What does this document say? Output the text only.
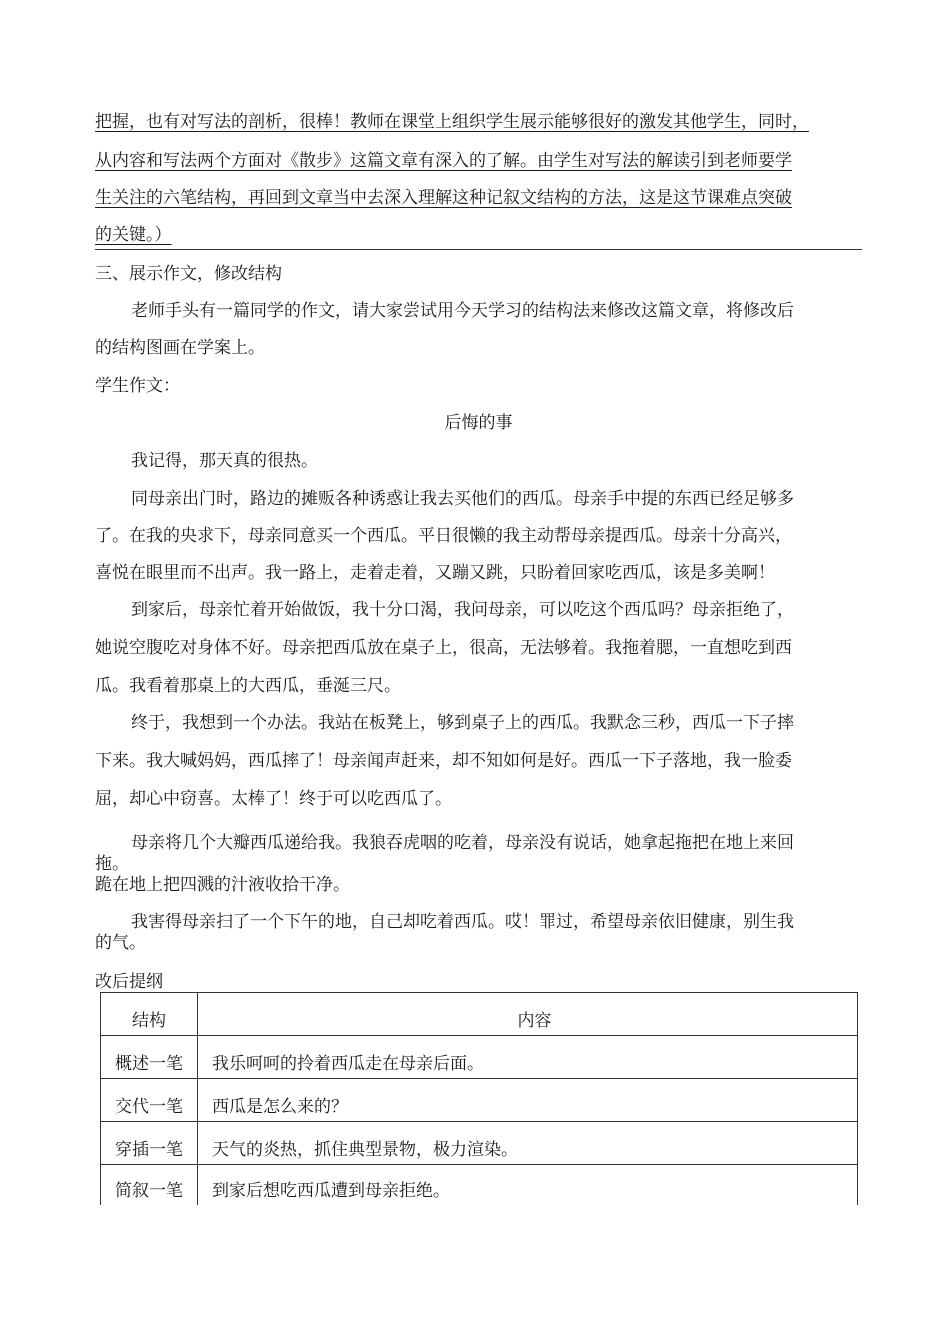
把握，也有对写法的剖析，很棒！教师在课堂上组织学生展示能够很好的激发其他学生，同时，
从内容和写法两个方面对《散步》这篇文章有深入的了解。由学生对写法的解读引到老师要学
生关注的六笔结构，再回到文章当中去深入理解这种记叙文结构的方法，这是这节课难点突破
的关键。）
三、展示作文，修改结构
老师手头有一篇同学的作文，请大家尝试用今天学习的结构法来修改这篇文章，将修改后
的结构图画在学案上。
学生作文：
后悔的事
我记得，那天真的很热。
同母亲出门时，路边的摊贩各种诱惑让我去买他们的西瓜。母亲手中提的东西已经足够多
了。在我的央求下，母亲同意买一个西瓜。平日很懒的我主动帮母亲提西瓜。母亲十分高兴，
喜悦在眼里而不出声。我一路上，走着走着，又蹦又跳，只盼着回家吃西瓜，该是多美啊！
到家后，母亲忙着开始做饭，我十分口渴，我问母亲，可以吃这个西瓜吗？母亲拒绝了，
她说空腹吃对身体不好。母亲把西瓜放在桌子上，很高，无法够着。我拖着腮，一直想吃到西
瓜。我看着那桌上的大西瓜，垂涎三尺。
终于，我想到一个办法。我站在板凳上，够到桌子上的西瓜。我默念三秒，西瓜一下子摔
下来。我大喊妈妈，西瓜摔了！母亲闻声赶来，却不知如何是好。西瓜一下子落地，我一脸委
屈，却心中窃喜。太棒了！终于可以吃西瓜了。
母亲将几个大瓣西瓜递给我。我狼吞虎咽的吃着，母亲没有说话，她拿起拖把在地上来回
拖。
跪在地上把四溅的汁液收拾干净。
我害得母亲扫了一个下午的地，自己却吃着西瓜。哎！罪过，希望母亲依旧健康，别生我
的气。
改后提纲
结构	内容
概述一笔	我乐呵呵的拎着西瓜走在母亲后面。
交代一笔	西瓜是怎么来的？
穿插一笔	天气的炎热，抓住典型景物，极力渲染。
简叙一笔	到家后想吃西瓜遭到母亲拒绝。
